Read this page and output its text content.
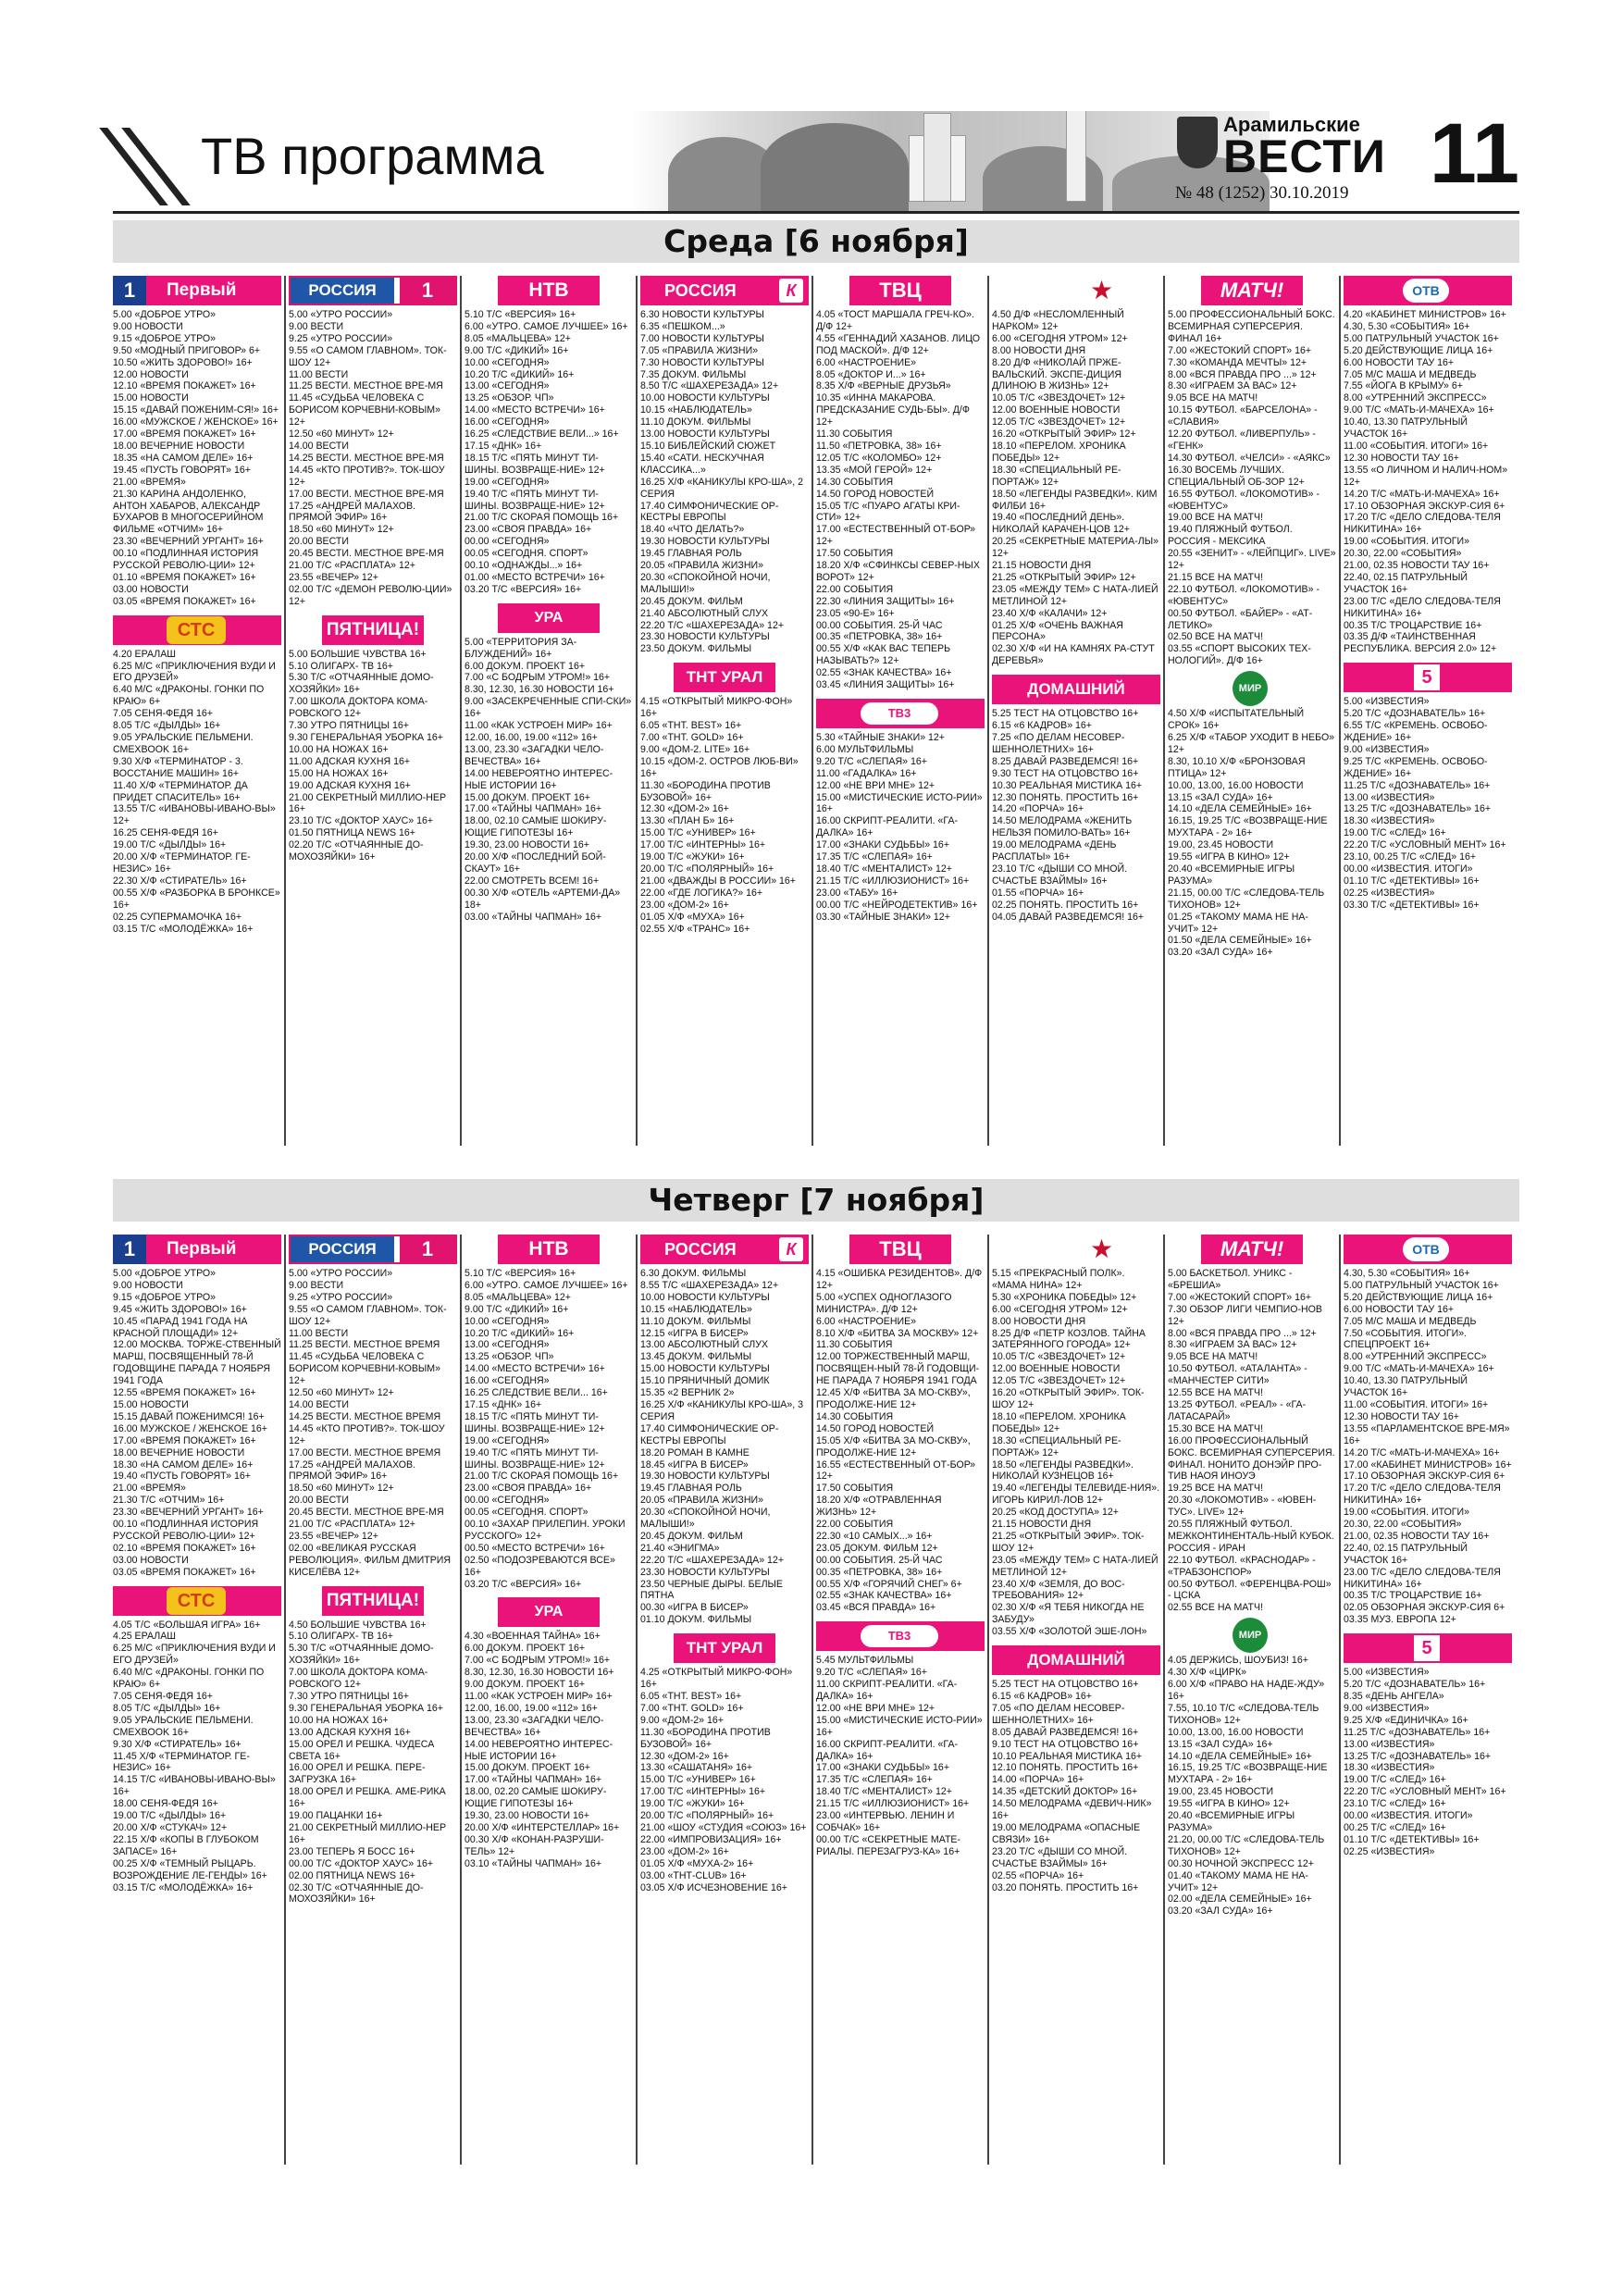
ТВ программа
Арамильские
ВЕСТИ
№ 48 (1252) 30.10.2019 11
Среда [6 ноября]
1	Первый
5.00 «ДОБРОЕ УТРО»
9.00 НОВОСТИ
9.15 «ДОБРОЕ УТРО»
9.50 «МОДНЫЙ ПРИГОВОР» 6+
10.50 «ЖИТЬ ЗДОРОВО!» 16+
12.00 НОВОСТИ
12.10 «ВРЕМЯ ПОКАЖЕТ» 16+
15.00 НОВОСТИ
15.15 «ДАВАЙ ПОЖЕНИМ-СЯ!» 16+
16.00 «МУЖСКОЕ / ЖЕНСКОЕ» 16+
17.00 «ВРЕМЯ ПОКАЖЕТ» 16+
18.00 ВЕЧЕРНИЕ НОВОСТИ
18.35 «НА САМОМ ДЕЛЕ» 16+
19.45 «ПУСТЬ ГОВОРЯТ» 16+
21.00 «ВРЕМЯ»
21.30 КАРИНА АНДОЛЕНКО, АНТОН ХАБАРОВ, АЛЕКСАНДР БУХАРОВ В МНОГОСЕРИЙНОМ ФИЛЬМЕ «ОТЧИМ» 16+
23.30 «ВЕЧЕРНИЙ УРГАНТ» 16+
00.10 «ПОДЛИННАЯ ИСТОРИЯ РУССКОЙ РЕВОЛЮ-ЦИИ» 12+
01.10 «ВРЕМЯ ПОКАЖЕТ» 16+
03.00 НОВОСТИ
03.05 «ВРЕМЯ ПОКАЖЕТ» 16+
СТС
4.20 ЕРАЛАШ
6.25 М/С «ПРИКЛЮЧЕНИЯ ВУДИ И ЕГО ДРУЗЕЙ»
6.40 М/С «ДРАКОНЫ. ГОНКИ ПО КРАЮ» 6+
7.05 СЕНЯ-ФЕДЯ 16+
8.05 Т/С «ДЫЛДЫ» 16+
9.05 УРАЛЬСКИЕ ПЕЛЬМЕНИ. СМЕХBOOK 16+
9.30 Х/Ф «ТЕРМИНАТОР - 3. ВОССТАНИЕ МАШИН» 16+
11.40 Х/Ф «ТЕРМИНАТОР. ДА ПРИДЕТ СПАСИТЕЛЬ» 16+
13.55 Т/С «ИВАНОВЫ-ИВАНО-ВЫ» 12+
16.25 СЕНЯ-ФЕДЯ 16+
19.00 Т/С «ДЫЛДЫ» 16+
20.00 Х/Ф «ТЕРМИНАТОР. ГЕ-НЕЗИС» 16+
22.30 Х/Ф «СТИРАТЕЛЬ» 16+
00.55 Х/Ф «РАЗБОРКА В БРОНКСЕ» 16+
02.25 СУПЕРМАМОЧКА 16+
03.15 Т/С «МОЛОДЁЖКА» 16+
РОССИЯ	1
5.00 «УТРО РОССИИ»
9.00 ВЕСТИ
9.25 «УТРО РОССИИ»
9.55 «О САМОМ ГЛАВНОМ». ТОК-ШОУ 12+
11.00 ВЕСТИ
11.25 ВЕСТИ. МЕСТНОЕ ВРЕ-МЯ
11.45 «СУДЬБА ЧЕЛОВЕКА С БОРИСОМ КОРЧЕВНИ-КОВЫМ» 12+
12.50 «60 МИНУТ» 12+
14.00 ВЕСТИ
14.25 ВЕСТИ. МЕСТНОЕ ВРЕ-МЯ
14.45 «КТО ПРОТИВ?». ТОК-ШОУ 12+
17.00 ВЕСТИ. МЕСТНОЕ ВРЕ-МЯ
17.25 «АНДРЕЙ МАЛАХОВ. ПРЯМОЙ ЭФИР» 16+
18.50 «60 МИНУТ» 12+
20.00 ВЕСТИ
20.45 ВЕСТИ. МЕСТНОЕ ВРЕ-МЯ
21.00 Т/С «РАСПЛАТА» 12+
23.55 «ВЕЧЕР» 12+
02.00 Т/С «ДЕМОН РЕВОЛЮ-ЦИИ» 12+
ПЯТНИЦА!
5.00 БОЛЬШИЕ ЧУВСТВА 16+
5.10 ОЛИГАРХ- ТВ 16+
5.30 Т/С «ОТЧАЯННЫЕ ДОМО-ХОЗЯЙКИ» 16+
7.00 ШКОЛА ДОКТОРА КОМА-РОВСКОГО 12+
7.30 УТРО ПЯТНИЦЫ 16+
9.30 ГЕНЕРАЛЬНАЯ УБОРКА 16+
10.00 НА НОЖАХ 16+
11.00 АДСКАЯ КУХНЯ 16+
15.00 НА НОЖАХ 16+
19.00 АДСКАЯ КУХНЯ 16+
21.00 СЕКРЕТНЫЙ МИЛЛИО-НЕР 16+
23.10 Т/С «ДОКТОР ХАУС» 16+
01.50 ПЯТНИЦА NEWS 16+
02.20 Т/С «ОТЧАЯННЫЕ ДО-МОХОЗЯЙКИ» 16+
НТВ
5.10 Т/С «ВЕРСИЯ» 16+
6.00 «УТРО. САМОЕ ЛУЧШЕЕ» 16+
8.05 «МАЛЬЦЕВА» 12+
9.00 Т/С «ДИКИЙ» 16+
10.00 «СЕГОДНЯ»
10.20 Т/С «ДИКИЙ» 16+
13.00 «СЕГОДНЯ»
13.25 «ОБЗОР. ЧП»
14.00 «МЕСТО ВСТРЕЧИ» 16+
16.00 «СЕГОДНЯ»
16.25 «СЛЕДСТВИЕ ВЕЛИ...» 16+
17.15 «ДНК» 16+
18.15 Т/С «ПЯТЬ МИНУТ ТИ-ШИНЫ. ВОЗВРАЩЕ-НИЕ» 12+
19.00 «СЕГОДНЯ»
19.40 Т/С «ПЯТЬ МИНУТ ТИ-ШИНЫ. ВОЗВРАЩЕ-НИЕ» 12+
21.00 Т/С СКОРАЯ ПОМОЩЬ 16+
23.00 «СВОЯ ПРАВДА» 16+
00.00 «СЕГОДНЯ»
00.05 «СЕГОДНЯ. СПОРТ»
00.10 «ОДНАЖДЫ...» 16+
01.00 «МЕСТО ВСТРЕЧИ» 16+
03.20 Т/С «ВЕРСИЯ» 16+
УРА
5.00 «ТЕРРИТОРИЯ ЗА-БЛУЖДЕНИЙ» 16+
6.00 ДОКУМ. ПРОЕКТ 16+
7.00 «С БОДРЫМ УТРОМ!» 16+
8.30, 12.30, 16.30 НОВОСТИ 16+
9.00 «ЗАСЕКРЕЧЕННЫЕ СПИ-СКИ» 16+
11.00 «КАК УСТРОЕН МИР» 16+
12.00, 16.00, 19.00 «112» 16+
13.00, 23.30 «ЗАГАДКИ ЧЕЛО-ВЕЧЕСТВА» 16+
14.00 НЕВЕРОЯТНО ИНТЕРЕС-НЫЕ ИСТОРИИ 16+
15.00 ДОКУМ. ПРОЕКТ 16+
17.00 «ТАЙНЫ ЧАПМАН» 16+
18.00, 02.10 САМЫЕ ШОКИРУ-ЮЩИЕ ГИПОТЕЗЫ 16+
19.30, 23.00 НОВОСТИ 16+
20.00 Х/Ф «ПОСЛЕДНИЙ БОЙ-СКАУТ» 16+
22.00 СМОТРЕТЬ ВСЕМ! 16+
00.30 Х/Ф «ОТЕЛЬ «АРТЕМИ-ДА» 18+
03.00 «ТАЙНЫ ЧАПМАН» 16+
РОССИЯ	К
6.30 НОВОСТИ КУЛЬТУРЫ
6.35 «ПЕШКОМ...»
7.00 НОВОСТИ КУЛЬТУРЫ
7.05 «ПРАВИЛА ЖИЗНИ»
7.30 НОВОСТИ КУЛЬТУРЫ
7.35 ДОКУМ. ФИЛЬМЫ
8.50 Т/С «ШАХЕРЕЗАДА» 12+
10.00 НОВОСТИ КУЛЬТУРЫ
10.15 «НАБЛЮДАТЕЛЬ»
11.10 ДОКУМ. ФИЛЬМЫ
13.00 НОВОСТИ КУЛЬТУРЫ
15.10 БИБЛЕЙСКИЙ СЮЖЕТ
15.40 «САТИ. НЕСКУЧНАЯ КЛАССИКА...»
16.25 Х/Ф «КАНИКУЛЫ КРО-ША», 2 СЕРИЯ
17.40 СИМФОНИЧЕСКИЕ ОР-КЕСТРЫ ЕВРОПЫ
18.40 «ЧТО ДЕЛАТЬ?»
19.30 НОВОСТИ КУЛЬТУРЫ
19.45 ГЛАВНАЯ РОЛЬ
20.05 «ПРАВИЛА ЖИЗНИ»
20.30 «СПОКОЙНОЙ НОЧИ, МАЛЫШИ!»
20.45 ДОКУМ. ФИЛЬМ
21.40 АБСОЛЮТНЫЙ СЛУХ
22.20 Т/С «ШАХЕРЕЗАДА» 12+
23.30 НОВОСТИ КУЛЬТУРЫ
23.50 ДОКУМ. ФИЛЬМЫ
ТНТ УРАЛ
4.15 «ОТКРЫТЫЙ МИКРО-ФОН» 16+
6.05 «ТНТ. BEST» 16+
7.00 «ТНТ. GOLD» 16+
9.00 «ДОМ-2. LITE» 16+
10.15 «ДОМ-2. ОСТРОВ ЛЮБ-ВИ» 16+
11.30 «БОРОДИНА ПРОТИВ БУЗОВОЙ» 16+
12.30 «ДОМ-2» 16+
13.30 «ПЛАН Б» 16+
15.00 Т/С «УНИВЕР» 16+
17.00 Т/С «ИНТЕРНЫ» 16+
19.00 Т/С «ЖУКИ» 16+
20.00 Т/С «ПОЛЯРНЫЙ» 16+
21.00 «ДВАЖДЫ В РОССИИ» 16+
22.00 «ГДЕ ЛОГИКА?» 16+
23.00 «ДОМ-2» 16+
01.05 Х/Ф «МУХА» 16+
02.55 Х/Ф «ТРАНС» 16+
ТВЦ
4.05 «ТОСТ МАРШАЛА ГРЕЧ-КО». Д/Ф 12+
4.55 «ГЕННАДИЙ ХАЗАНОВ. ЛИЦО ПОД МАСКОЙ». Д/Ф 12+
6.00 «НАСТРОЕНИЕ»
8.05 «ДОКТОР И...» 16+
8.35 Х/Ф «ВЕРНЫЕ ДРУЗЬЯ»
10.35 «ИННА МАКАРОВА. ПРЕДСКАЗАНИЕ СУДЬ-БЫ». Д/Ф 12+
11.30 СОБЫТИЯ
11.50 «ПЕТРОВКА, 38» 16+
12.05 Т/С «КОЛОМБО» 12+
13.35 «МОЙ ГЕРОЙ» 12+
14.30 СОБЫТИЯ
14.50 ГОРОД НОВОСТЕЙ
15.05 Т/С «ПУАРО АГАТЫ КРИ-СТИ» 12+
17.00 «ЕСТЕСТВЕННЫЙ ОТ-БОР» 12+
17.50 СОБЫТИЯ
18.20 Х/Ф «СФИНКСЫ СЕВЕР-НЫХ ВОРОТ» 12+
22.00 СОБЫТИЯ
22.30 «ЛИНИЯ ЗАЩИТЫ» 16+
23.05 «90-Е» 16+
00.00 СОБЫТИЯ. 25-Й ЧАС
00.35 «ПЕТРОВКА, 38» 16+
00.55 Х/Ф «КАК ВАС ТЕПЕРЬ НАЗЫВАТЬ?» 12+
02.55 «ЗНАК КАЧЕСТВА» 16+
03.45 «ЛИНИЯ ЗАЩИТЫ» 16+
ТВ3
5.30 «ТАЙНЫЕ ЗНАКИ» 12+
6.00 МУЛЬТФИЛЬМЫ
9.20 Т/С «СЛЕПАЯ» 16+
11.00 «ГАДАЛКА» 16+
12.00 «НЕ ВРИ МНЕ» 12+
15.00 «МИСТИЧЕСКИЕ ИСТО-РИИ» 16+
16.00 СКРИПТ-РЕАЛИТИ. «ГА-ДАЛКА» 16+
17.00 «ЗНАКИ СУДЬБЫ» 16+
17.35 Т/С «СЛЕПАЯ» 16+
18.40 Т/С «МЕНТАЛИСТ» 12+
21.15 Т/С «ИЛЛЮЗИОНИСТ» 16+
23.00 «ТАБУ» 16+
00.00 Т/С «НЕЙРОДЕТЕКТИВ» 16+
03.30 «ТАЙНЫЕ ЗНАКИ» 12+
★
4.50 Д/Ф «НЕСЛОМЛЕННЫЙ НАРКОМ» 12+
6.00 «СЕГОДНЯ УТРОМ» 12+
8.00 НОВОСТИ ДНЯ
8.20 Д/Ф «НИКОЛАЙ ПРЖЕ-ВАЛЬСКИЙ. ЭКСПЕ-ДИЦИЯ ДЛИНОЮ В ЖИЗНЬ» 12+
10.05 Т/С «ЗВЕЗДОЧЕТ» 12+
12.00 ВОЕННЫЕ НОВОСТИ
12.05 Т/С «ЗВЕЗДОЧЕТ» 12+
16.20 «ОТКРЫТЫЙ ЭФИР» 12+
18.10 «ПЕРЕЛОМ. ХРОНИКА ПОБЕДЫ» 12+
18.30 «СПЕЦИАЛЬНЫЙ РЕ-ПОРТАЖ» 12+
18.50 «ЛЕГЕНДЫ РАЗВЕДКИ». КИМ ФИЛБИ 16+
19.40 «ПОСЛЕДНИЙ ДЕНЬ». НИКОЛАЙ КАРАЧЕН-ЦОВ 12+
20.25 «СЕКРЕТНЫЕ МАТЕРИА-ЛЫ» 12+
21.15 НОВОСТИ ДНЯ
21.25 «ОТКРЫТЫЙ ЭФИР» 12+
23.05 «МЕЖДУ ТЕМ» С НАТА-ЛИЕЙ МЕТЛИНОЙ 12+
23.40 Х/Ф «КАЛАЧИ» 12+
01.25 Х/Ф «ОЧЕНЬ ВАЖНАЯ ПЕРСОНА»
02.30 Х/Ф «И НА КАМНЯХ РА-СТУТ ДЕРЕВЬЯ»
ДОМАШНИЙ
5.25 ТЕСТ НА ОТЦОВСТВО 16+
6.15 «6 КАДРОВ» 16+
7.25 «ПО ДЕЛАМ НЕСОВЕР-ШЕННОЛЕТНИХ» 16+
8.25 ДАВАЙ РАЗВЕДЕМСЯ! 16+
9.30 ТЕСТ НА ОТЦОВСТВО 16+
10.30 РЕАЛЬНАЯ МИСТИКА 16+
12.30 ПОНЯТЬ. ПРОСТИТЬ 16+
14.20 «ПОРЧА» 16+
14.50 МЕЛОДРАМА «ЖЕНИТЬ НЕЛЬЗЯ ПОМИЛО-ВАТЬ» 16+
19.00 МЕЛОДРАМА «ДЕНЬ РАСПЛАТЫ» 16+
23.10 Т/С «ДЫШИ СО МНОЙ. СЧАСТЬЕ ВЗАЙМЫ» 16+
01.55 «ПОРЧА» 16+
02.25 ПОНЯТЬ. ПРОСТИТЬ 16+
04.05 ДАВАЙ РАЗВЕДЕМСЯ! 16+
МАТЧ!
5.00 ПРОФЕССИОНАЛЬНЫЙ БОКС. ВСЕМИРНАЯ СУПЕРСЕРИЯ. ФИНАЛ 16+
7.00 «ЖЕСТОКИЙ СПОРТ» 16+
7.30 «КОМАНДА МЕЧТЫ» 12+
8.00 «ВСЯ ПРАВДА ПРО ...» 12+
8.30 «ИГРАЕМ ЗА ВАС» 12+
9.05 ВСЕ НА МАТЧ!
10.15 ФУТБОЛ. «БАРСЕЛОНА» - «СЛАВИЯ»
12.20 ФУТБОЛ. «ЛИВЕРПУЛЬ» - «ГЕНК»
14.30 ФУТБОЛ. «ЧЕЛСИ» - «АЯКС»
16.30 ВОСЕМЬ ЛУЧШИХ. СПЕЦИАЛЬНЫЙ ОБ-ЗОР 12+
16.55 ФУТБОЛ. «ЛОКОМОТИВ» - «ЮВЕНТУС»
19.00 ВСЕ НА МАТЧ!
19.40 ПЛЯЖНЫЙ ФУТБОЛ. РОССИЯ - МЕКСИКА
20.55 «ЗЕНИТ» - «ЛЕЙПЦИГ». LIVE» 12+
21.15 ВСЕ НА МАТЧ!
22.10 ФУТБОЛ. «ЛОКОМОТИВ» - «ЮВЕНТУС»
00.50 ФУТБОЛ. «БАЙЕР» - «АТ-ЛЕТИКО»
02.50 ВСЕ НА МАТЧ!
03.55 «СПОРТ ВЫСОКИХ ТЕХ-НОЛОГИЙ». Д/Ф 16+
МИР
4.50 Х/Ф «ИСПЫТАТЕЛЬНЫЙ СРОК» 16+
6.25 Х/Ф «ТАБОР УХОДИТ В НЕБО» 12+
8.30, 10.10 Х/Ф «БРОНЗОВАЯ ПТИЦА» 12+
10.00, 13.00, 16.00 НОВОСТИ
13.15 «ЗАЛ СУДА» 16+
14.10 «ДЕЛА СЕМЕЙНЫЕ» 16+
16.15, 19.25 Т/С «ВОЗВРАЩЕ-НИЕ МУХТАРА - 2» 16+
19.00, 23.45 НОВОСТИ
19.55 «ИГРА В КИНО» 12+
20.40 «ВСЕМИРНЫЕ ИГРЫ РАЗУМА»
21.15, 00.00 Т/С «СЛЕДОВА-ТЕЛЬ ТИХОНОВ» 12+
01.25 «ТАКОМУ МАМА НЕ НА-УЧИТ» 12+
01.50 «ДЕЛА СЕМЕЙНЫЕ» 16+
03.20 «ЗАЛ СУДА» 16+
ОТВ
4.20 «КАБИНЕТ МИНИСТРОВ» 16+
4.30, 5.30 «СОБЫТИЯ» 16+
5.00 ПАТРУЛЬНЫЙ УЧАСТОК 16+
5.20 ДЕЙСТВУЮЩИЕ ЛИЦА 16+
6.00 НОВОСТИ ТАУ 16+
7.05 М/С МАША И МЕДВЕДЬ
7.55 «ЙОГА В КРЫМУ» 6+
8.00 «УТРЕННИЙ ЭКСПРЕСС»
9.00 Т/С «МАТЬ-И-МАЧЕХА» 16+
10.40, 13.30 ПАТРУЛЬНЫЙ УЧАСТОК 16+
11.00 «СОБЫТИЯ. ИТОГИ» 16+
12.30 НОВОСТИ ТАУ 16+
13.55 «О ЛИЧНОМ И НАЛИЧ-НОМ» 12+
14.20 Т/С «МАТЬ-И-МАЧЕХА» 16+
17.10 ОБЗОРНАЯ ЭКСКУР-СИЯ 6+
17.20 Т/С «ДЕЛО СЛЕДОВА-ТЕЛЯ НИКИТИНА» 16+
19.00 «СОБЫТИЯ. ИТОГИ»
20.30, 22.00 «СОБЫТИЯ»
21.00, 02.35 НОВОСТИ ТАУ 16+
22.40, 02.15 ПАТРУЛЬНЫЙ УЧАСТОК 16+
23.00 Т/С «ДЕЛО СЛЕДОВА-ТЕЛЯ НИКИТИНА» 16+
00.35 Т/С ТРОЦАРСТВИЕ 16+
03.35 Д/Ф «ТАИНСТВЕННАЯ РЕСПУБЛИКА. ВЕРСИЯ 2.0» 12+
5
5.00 «ИЗВЕСТИЯ»
5.20 Т/С «ДОЗНАВАТЕЛЬ» 16+
6.55 Т/С «КРЕМЕНЬ. ОСВОБО-ЖДЕНИЕ» 16+
9.00 «ИЗВЕСТИЯ»
9.25 Т/С «КРЕМЕНЬ. ОСВОБО-ЖДЕНИЕ» 16+
11.25 Т/С «ДОЗНАВАТЕЛЬ» 16+
13.00 «ИЗВЕСТИЯ»
13.25 Т/С «ДОЗНАВАТЕЛЬ» 16+
18.30 «ИЗВЕСТИЯ»
19.00 Т/С «СЛЕД» 16+
22.20 Т/С «УСЛОВНЫЙ МЕНТ» 16+
23.10, 00.25 Т/С «СЛЕД» 16+
00.00 «ИЗВЕСТИЯ. ИТОГИ»
01.10 Т/С «ДЕТЕКТИВЫ» 16+
02.25 «ИЗВЕСТИЯ»
03.30 Т/С «ДЕТЕКТИВЫ» 16+
Четверг [7 ноября]
1	Первый
5.00 «ДОБРОЕ УТРО»
9.00 НОВОСТИ
9.15 «ДОБРОЕ УТРО»
9.45 «ЖИТЬ ЗДОРОВО!» 16+
10.45 «ПАРАД 1941 ГОДА НА КРАСНОЙ ПЛОЩАДИ» 12+
12.00 МОСКВА. ТОРЖЕ-СТВЕННЫЙ МАРШ, ПОСВЯЩЕННЫЙ 78-Й ГОДОВЩИНЕ ПАРАДА 7 НОЯБРЯ 1941 ГОДА
12.55 «ВРЕМЯ ПОКАЖЕТ» 16+
15.00 НОВОСТИ
15.15 ДАВАЙ ПОЖЕНИМСЯ! 16+
16.00 МУЖСКОЕ / ЖЕНСКОЕ 16+
17.00 «ВРЕМЯ ПОКАЖЕТ» 16+
18.00 ВЕЧЕРНИЕ НОВОСТИ
18.30 «НА САМОМ ДЕЛЕ» 16+
19.40 «ПУСТЬ ГОВОРЯТ» 16+
21.00 «ВРЕМЯ»
21.30 Т/С «ОТЧИМ» 16+
23.30 «ВЕЧЕРНИЙ УРГАНТ» 16+
00.10 «ПОДЛИННАЯ ИСТОРИЯ РУССКОЙ РЕВОЛЮ-ЦИИ» 12+
02.10 «ВРЕМЯ ПОКАЖЕТ» 16+
03.00 НОВОСТИ
03.05 «ВРЕМЯ ПОКАЖЕТ» 16+
СТС
4.05 Т/С «БОЛЬШАЯ ИГРА» 16+
4.25 ЕРАЛАШ
6.25 М/С «ПРИКЛЮЧЕНИЯ ВУДИ И ЕГО ДРУЗЕЙ»
6.40 М/С «ДРАКОНЫ. ГОНКИ ПО КРАЮ» 6+
7.05 СЕНЯ-ФЕДЯ 16+
8.05 Т/С «ДЫЛДЫ» 16+
9.05 УРАЛЬСКИЕ ПЕЛЬМЕНИ. СМЕХBOOK 16+
9.30 Х/Ф «СТИРАТЕЛЬ» 16+
11.45 Х/Ф «ТЕРМИНАТОР. ГЕ-НЕЗИС» 16+
14.15 Т/С «ИВАНОВЫ-ИВАНО-ВЫ» 16+
18.00 СЕНЯ-ФЕДЯ 16+
19.00 Т/С «ДЫЛДЫ» 16+
20.00 Х/Ф «СТУКАЧ» 12+
22.15 Х/Ф «КОПЫ В ГЛУБОКОМ ЗАПАСЕ» 16+
00.25 Х/Ф «ТЕМНЫЙ РЫЦАРЬ. ВОЗРОЖДЕНИЕ ЛЕ-ГЕНДЫ» 16+
03.15 Т/С «МОЛОДЁЖКА» 16+
РОССИЯ	1
5.00 «УТРО РОССИИ»
9.00 ВЕСТИ
9.25 «УТРО РОССИИ»
9.55 «О САМОМ ГЛАВНОМ». ТОК-ШОУ 12+
11.00 ВЕСТИ
11.25 ВЕСТИ. МЕСТНОЕ ВРЕМЯ
11.45 «СУДЬБА ЧЕЛОВЕКА С БОРИСОМ КОРЧЕВНИ-КОВЫМ» 12+
12.50 «60 МИНУТ» 12+
14.00 ВЕСТИ
14.25 ВЕСТИ. МЕСТНОЕ ВРЕМЯ
14.45 «КТО ПРОТИВ?». ТОК-ШОУ 12+
17.00 ВЕСТИ. МЕСТНОЕ ВРЕМЯ
17.25 «АНДРЕЙ МАЛАХОВ. ПРЯМОЙ ЭФИР» 16+
18.50 «60 МИНУТ» 12+
20.00 ВЕСТИ
20.45 ВЕСТИ. МЕСТНОЕ ВРЕ-МЯ
21.00 Т/С «РАСПЛАТА» 12+
23.55 «ВЕЧЕР» 12+
02.00 «ВЕЛИКАЯ РУССКАЯ РЕВОЛЮЦИЯ». ФИЛЬМ ДМИТРИЯ КИСЕЛЁВА 12+
ПЯТНИЦА!
4.50 БОЛЬШИЕ ЧУВСТВА 16+
5.10 ОЛИГАРХ- ТВ 16+
5.30 Т/С «ОТЧАЯННЫЕ ДОМО-ХОЗЯЙКИ» 16+
7.00 ШКОЛА ДОКТОРА КОМА-РОВСКОГО 12+
7.30 УТРО ПЯТНИЦЫ 16+
9.30 ГЕНЕРАЛЬНАЯ УБОРКА 16+
10.00 НА НОЖАХ 16+
13.00 АДСКАЯ КУХНЯ 16+
15.00 ОРЕЛ И РЕШКА. ЧУДЕСА СВЕТА 16+
16.00 ОРЕЛ И РЕШКА. ПЕРЕ-ЗАГРУЗКА 16+
18.00 ОРЕЛ И РЕШКА. АМЕ-РИКА 16+
19.00 ПАЦАНКИ 16+
21.00 СЕКРЕТНЫЙ МИЛЛИО-НЕР 16+
23.00 ТЕПЕРЬ Я БОСС 16+
00.00 Т/С «ДОКТОР ХАУС» 16+
02.00 ПЯТНИЦА NEWS 16+
02.30 Т/С «ОТЧАЯННЫЕ ДО-МОХОЗЯЙКИ» 16+
НТВ
5.10 Т/С «ВЕРСИЯ» 16+
6.00 «УТРО. САМОЕ ЛУЧШЕЕ» 16+
8.05 «МАЛЬЦЕВА» 12+
9.00 Т/С «ДИКИЙ» 16+
10.00 «СЕГОДНЯ»
10.20 Т/С «ДИКИЙ» 16+
13.00 «СЕГОДНЯ»
13.25 «ОБЗОР. ЧП»
14.00 «МЕСТО ВСТРЕЧИ» 16+
16.00 «СЕГОДНЯ»
16.25 СЛЕДСТВИЕ ВЕЛИ... 16+
17.15 «ДНК» 16+
18.15 Т/С «ПЯТЬ МИНУТ ТИ-ШИНЫ. ВОЗВРАЩЕ-НИЕ» 12+
19.00 «СЕГОДНЯ»
19.40 Т/С «ПЯТЬ МИНУТ ТИ-ШИНЫ. ВОЗВРАЩЕ-НИЕ» 12+
21.00 Т/С СКОРАЯ ПОМОЩЬ 16+
23.00 «СВОЯ ПРАВДА» 16+
00.00 «СЕГОДНЯ»
00.05 «СЕГОДНЯ. СПОРТ»
00.10 «ЗАХАР ПРИЛЕПИН. УРОКИ РУССКОГО» 12+
00.50 «МЕСТО ВСТРЕЧИ» 16+
02.50 «ПОДОЗРЕВАЮТСЯ ВСЕ» 16+
03.20 Т/С «ВЕРСИЯ» 16+
УРА
4.30 «ВОЕННАЯ ТАЙНА» 16+
6.00 ДОКУМ. ПРОЕКТ 16+
7.00 «С БОДРЫМ УТРОМ!» 16+
8.30, 12.30, 16.30 НОВОСТИ 16+
9.00 ДОКУМ. ПРОЕКТ 16+
11.00 «КАК УСТРОЕН МИР» 16+
12.00, 16.00, 19.00 «112» 16+
13.00, 23.30 «ЗАГАДКИ ЧЕЛО-ВЕЧЕСТВА» 16+
14.00 НЕВЕРОЯТНО ИНТЕРЕС-НЫЕ ИСТОРИИ 16+
15.00 ДОКУМ. ПРОЕКТ 16+
17.00 «ТАЙНЫ ЧАПМАН» 16+
18.00, 02.20 САМЫЕ ШОКИРУ-ЮЩИЕ ГИПОТЕЗЫ 16+
19.30, 23.00 НОВОСТИ 16+
20.00 Х/Ф «ИНТЕРСТЕЛЛАР» 16+
00.30 Х/Ф «КОНАН-РАЗРУШИ-ТЕЛЬ» 12+
03.10 «ТАЙНЫ ЧАПМАН» 16+
РОССИЯ	К
6.30 ДОКУМ. ФИЛЬМЫ
8.55 Т/С «ШАХЕРЕЗАДА» 12+
10.00 НОВОСТИ КУЛЬТУРЫ
10.15 «НАБЛЮДАТЕЛЬ»
11.10 ДОКУМ. ФИЛЬМЫ
12.15 «ИГРА В БИСЕР»
13.00 АБСОЛЮТНЫЙ СЛУХ
13.45 ДОКУМ. ФИЛЬМЫ
15.00 НОВОСТИ КУЛЬТУРЫ
15.10 ПРЯНИЧНЫЙ ДОМИК
15.35 «2 ВЕРНИК 2»
16.25 Х/Ф «КАНИКУЛЫ КРО-ША», 3 СЕРИЯ
17.40 СИМФОНИЧЕСКИЕ ОР-КЕСТРЫ ЕВРОПЫ
18.20 РОМАН В КАМНЕ
18.45 «ИГРА В БИСЕР»
19.30 НОВОСТИ КУЛЬТУРЫ
19.45 ГЛАВНАЯ РОЛЬ
20.05 «ПРАВИЛА ЖИЗНИ»
20.30 «СПОКОЙНОЙ НОЧИ, МАЛЫШИ!»
20.45 ДОКУМ. ФИЛЬМ
21.40 «ЭНИГМА»
22.20 Т/С «ШАХЕРЕЗАДА» 12+
23.30 НОВОСТИ КУЛЬТУРЫ
23.50 ЧЕРНЫЕ ДЫРЫ. БЕЛЫЕ ПЯТНА
00.30 «ИГРА В БИСЕР»
01.10 ДОКУМ. ФИЛЬМЫ
ТНТ УРАЛ
4.25 «ОТКРЫТЫЙ МИКРО-ФОН» 16+
6.05 «ТНТ. BEST» 16+
7.00 «ТНТ. GOLD» 16+
9.00 «ДОМ-2» 16+
11.30 «БОРОДИНА ПРОТИВ БУЗОВОЙ» 16+
12.30 «ДОМ-2» 16+
13.30 «САШАТАНЯ» 16+
15.00 Т/С «УНИВЕР» 16+
17.00 Т/С «ИНТЕРНЫ» 16+
19.00 Т/С «ЖУКИ» 16+
20.00 Т/С «ПОЛЯРНЫЙ» 16+
21.00 «ШОУ «СТУДИЯ «СОЮЗ» 16+
22.00 «ИМПРОВИЗАЦИЯ» 16+
23.00 «ДОМ-2» 16+
01.05 Х/Ф «МУХА-2» 16+
03.00 «ТНТ-CLUB» 16+
03.05 Х/Ф ИСЧЕЗНОВЕНИЕ 16+
ТВЦ
4.15 «ОШИБКА РЕЗИДЕНТОВ». Д/Ф 12+
5.00 «УСПЕХ ОДНОГЛАЗОГО МИНИСТРА». Д/Ф 12+
6.00 «НАСТРОЕНИЕ»
8.10 Х/Ф «БИТВА ЗА МОСКВУ» 12+
11.30 СОБЫТИЯ
12.00 ТОРЖЕСТВЕННЫЙ МАРШ, ПОСВЯЩЕН-НЫЙ 78-Й ГОДОВЩИ-НЕ ПАРАДА 7 НОЯБРЯ 1941 ГОДА
12.45 Х/Ф «БИТВА ЗА МО-СКВУ», ПРОДОЛЖЕ-НИЕ 12+
14.30 СОБЫТИЯ
14.50 ГОРОД НОВОСТЕЙ
15.05 Х/Ф «БИТВА ЗА МО-СКВУ», ПРОДОЛЖЕ-НИЕ 12+
16.55 «ЕСТЕСТВЕННЫЙ ОТ-БОР» 12+
17.50 СОБЫТИЯ
18.20 Х/Ф «ОТРАВЛЕННАЯ ЖИЗНЬ» 12+
22.00 СОБЫТИЯ
22.30 «10 САМЫХ...» 16+
23.05 ДОКУМ. ФИЛЬМ 12+
00.00 СОБЫТИЯ. 25-Й ЧАС
00.35 «ПЕТРОВКА, 38» 16+
00.55 Х/Ф «ГОРЯЧИЙ СНЕГ» 6+
02.55 «ЗНАК КАЧЕСТВА» 16+
03.45 «ВСЯ ПРАВДА» 16+
ТВ3
5.45 МУЛЬТФИЛЬМЫ
9.20 Т/С «СЛЕПАЯ» 16+
11.00 СКРИПТ-РЕАЛИТИ. «ГА-ДАЛКА» 16+
12.00 «НЕ ВРИ МНЕ» 12+
15.00 «МИСТИЧЕСКИЕ ИСТО-РИИ» 16+
16.00 СКРИПТ-РЕАЛИТИ. «ГА-ДАЛКА» 16+
17.00 «ЗНАКИ СУДЬБЫ» 16+
17.35 Т/С «СЛЕПАЯ» 16+
18.40 Т/С «МЕНТАЛИСТ» 12+
21.15 Т/С «ИЛЛЮЗИОНИСТ» 16+
23.00 «ИНТЕРВЬЮ. ЛЕНИН И СОБЧАК» 16+
00.00 Т/С «СЕКРЕТНЫЕ МАТЕ-РИАЛЫ. ПЕРЕЗАГРУЗ-КА» 16+
★
5.15 «ПРЕКРАСНЫЙ ПОЛК». «МАМА НИНА» 12+
5.30 «ХРОНИКА ПОБЕДЫ» 12+
6.00 «СЕГОДНЯ УТРОМ» 12+
8.00 НОВОСТИ ДНЯ
8.25 Д/Ф «ПЕТР КОЗЛОВ. ТАЙНА ЗАТЕРЯННОГО ГОРОДА» 12+
10.05 Т/С «ЗВЕЗДОЧЕТ» 12+
12.00 ВОЕННЫЕ НОВОСТИ
12.05 Т/С «ЗВЕЗДОЧЕТ» 12+
16.20 «ОТКРЫТЫЙ ЭФИР». ТОК-ШОУ 12+
18.10 «ПЕРЕЛОМ. ХРОНИКА ПОБЕДЫ» 12+
18.30 «СПЕЦИАЛЬНЫЙ РЕ-ПОРТАЖ» 12+
18.50 «ЛЕГЕНДЫ РАЗВЕДКИ». НИКОЛАЙ КУЗНЕЦОВ 16+
19.40 «ЛЕГЕНДЫ ТЕЛЕВИДЕ-НИЯ». ИГОРЬ КИРИЛ-ЛОВ 12+
20.25 «КОД ДОСТУПА» 12+
21.15 НОВОСТИ ДНЯ
21.25 «ОТКРЫТЫЙ ЭФИР». ТОК-ШОУ 12+
23.05 «МЕЖДУ ТЕМ» С НАТА-ЛИЕЙ МЕТЛИНОЙ 12+
23.40 Х/Ф «ЗЕМЛЯ, ДО ВОС-ТРЕБОВАНИЯ» 12+
02.30 Х/Ф «Я ТЕБЯ НИКОГДА НЕ ЗАБУДУ»
03.55 Х/Ф «ЗОЛОТОЙ ЭШЕ-ЛОН»
ДОМАШНИЙ
5.25 ТЕСТ НА ОТЦОВСТВО 16+
6.15 «6 КАДРОВ» 16+
7.05 «ПО ДЕЛАМ НЕСОВЕР-ШЕННОЛЕТНИХ» 16+
8.05 ДАВАЙ РАЗВЕДЕМСЯ! 16+
9.10 ТЕСТ НА ОТЦОВСТВО 16+
10.10 РЕАЛЬНАЯ МИСТИКА 16+
12.10 ПОНЯТЬ. ПРОСТИТЬ 16+
14.00 «ПОРЧА» 16+
14.35 «ДЕТСКИЙ ДОКТОР» 16+
14.50 МЕЛОДРАМА «ДЕВИЧ-НИК» 16+
19.00 МЕЛОДРАМА «ОПАСНЫЕ СВЯЗИ» 16+
23.20 Т/С «ДЫШИ СО МНОЙ. СЧАСТЬЕ ВЗАЙМЫ» 16+
02.55 «ПОРЧА» 16+
03.20 ПОНЯТЬ. ПРОСТИТЬ 16+
МАТЧ!
5.00 БАСКЕТБОЛ. УНИКС - «БРЕШИА»
7.00 «ЖЕСТОКИЙ СПОРТ» 16+
7.30 ОБЗОР ЛИГИ ЧЕМПИО-НОВ 12+
8.00 «ВСЯ ПРАВДА ПРО ...» 12+
8.30 «ИГРАЕМ ЗА ВАС» 12+
9.05 ВСЕ НА МАТЧ!
10.50 ФУТБОЛ. «АТАЛАНТА» - «МАНЧЕСТЕР СИТИ»
12.55 ВСЕ НА МАТЧ!
13.25 ФУТБОЛ. «РЕАЛ» - «ГА-ЛАТАСАРАЙ»
15.30 ВСЕ НА МАТЧ!
16.00 ПРОФЕССИОНАЛЬНЫЙ БОКС. ВСЕМИРНАЯ СУПЕРСЕРИЯ. ФИНАЛ. НОНИТО ДОНЭЙР ПРО-ТИВ НАОЯ ИНОУЭ
19.25 ВСЕ НА МАТЧ!
20.30 «ЛОКОМОТИВ» - «ЮВЕН-ТУС». LIVE» 12+
20.55 ПЛЯЖНЫЙ ФУТБОЛ. МЕЖКОНТИНЕНТАЛЬ-НЫЙ КУБОК. РОССИЯ - ИРАН
22.10 ФУТБОЛ. «КРАСНОДАР» - «ТРАБЗОНСПОР»
00.50 ФУТБОЛ. «ФЕРЕНЦВА-РОШ» - ЦСКА
02.55 ВСЕ НА МАТЧ!
МИР
4.05 ДЕРЖИСЬ, ШОУБИЗ! 16+
4.30 Х/Ф «ЦИРК»
6.00 Х/Ф «ПРАВО НА НАДЕ-ЖДУ» 16+
7.55, 10.10 Т/С «СЛЕДОВА-ТЕЛЬ ТИХОНОВ» 12+
10.00, 13.00, 16.00 НОВОСТИ
13.15 «ЗАЛ СУДА» 16+
14.10 «ДЕЛА СЕМЕЙНЫЕ» 16+
16.15, 19.25 Т/С «ВОЗВРАЩЕ-НИЕ МУХТАРА - 2» 16+
19.00, 23.45 НОВОСТИ
19.55 «ИГРА В КИНО» 12+
20.40 «ВСЕМИРНЫЕ ИГРЫ РАЗУМА»
21.20, 00.00 Т/С «СЛЕДОВА-ТЕЛЬ ТИХОНОВ» 12+
00.30 НОЧНОЙ ЭКСПРЕСС 12+
01.40 «ТАКОМУ МАМА НЕ НА-УЧИТ» 12+
02.00 «ДЕЛА СЕМЕЙНЫЕ» 16+
03.20 «ЗАЛ СУДА» 16+
ОТВ
4.30, 5.30 «СОБЫТИЯ» 16+
5.00 ПАТРУЛЬНЫЙ УЧАСТОК 16+
5.20 ДЕЙСТВУЮЩИЕ ЛИЦА 16+
6.00 НОВОСТИ ТАУ 16+
7.05 М/С МАША И МЕДВЕДЬ
7.50 «СОБЫТИЯ. ИТОГИ». СПЕЦПРОЕКТ 16+
8.00 «УТРЕННИЙ ЭКСПРЕСС»
9.00 Т/С «МАТЬ-И-МАЧЕХА» 16+
10.40, 13.30 ПАТРУЛЬНЫЙ УЧАСТОК 16+
11.00 «СОБЫТИЯ. ИТОГИ» 16+
12.30 НОВОСТИ ТАУ 16+
13.55 «ПАРЛАМЕНТСКОЕ ВРЕ-МЯ» 16+
14.20 Т/С «МАТЬ-И-МАЧЕХА» 16+
17.00 «КАБИНЕТ МИНИСТРОВ» 16+
17.10 ОБЗОРНАЯ ЭКСКУР-СИЯ 6+
17.20 Т/С «ДЕЛО СЛЕДОВА-ТЕЛЯ НИКИТИНА» 16+
19.00 «СОБЫТИЯ. ИТОГИ»
20.30, 22.00 «СОБЫТИЯ»
21.00, 02.35 НОВОСТИ ТАУ 16+
22.40, 02.15 ПАТРУЛЬНЫЙ УЧАСТОК 16+
23.00 Т/С «ДЕЛО СЛЕДОВА-ТЕЛЯ НИКИТИНА» 16+
00.35 Т/С ТРОЦАРСТВИЕ 16+
02.05 ОБЗОРНАЯ ЭКСКУР-СИЯ 6+
03.35 МУЗ. ЕВРОПА 12+
5
5.00 «ИЗВЕСТИЯ»
5.20 Т/С «ДОЗНАВАТЕЛЬ» 16+
8.35 «ДЕНЬ АНГЕЛА»
9.00 «ИЗВЕСТИЯ»
9.25 Х/Ф «ЕДИНИЧКА» 16+
11.25 Т/С «ДОЗНАВАТЕЛЬ» 16+
13.00 «ИЗВЕСТИЯ»
13.25 Т/С «ДОЗНАВАТЕЛЬ» 16+
18.30 «ИЗВЕСТИЯ»
19.00 Т/С «СЛЕД» 16+
22.20 Т/С «УСЛОВНЫЙ МЕНТ» 16+
23.10 Т/С «СЛЕД» 16+
00.00 «ИЗВЕСТИЯ. ИТОГИ»
00.25 Т/С «СЛЕД» 16+
01.10 Т/С «ДЕТЕКТИВЫ» 16+
02.25 «ИЗВЕСТИЯ»
